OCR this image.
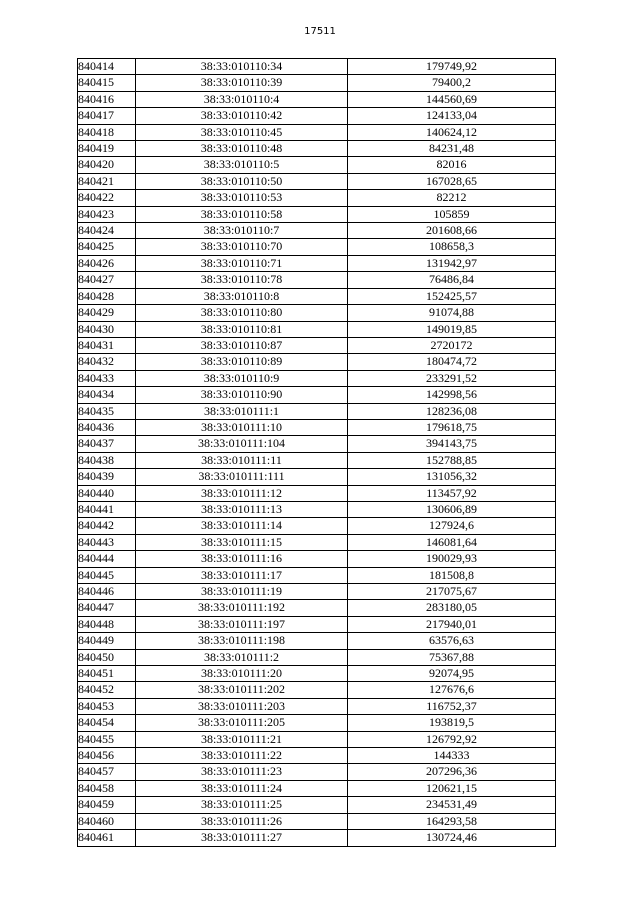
17511
840414	38:33:010110:34	179749,92
840415	38:33:010110:39	79400,2
840416	38:33:010110:4	144560,69
840417	38:33:010110:42	124133,04
840418	38:33:010110:45	140624,12
840419	38:33:010110:48	84231,48
840420	38:33:010110:5	82016
840421	38:33:010110:50	167028,65
840422	38:33:010110:53	82212
840423	38:33:010110:58	105859
840424	38:33:010110:7	201608,66
840425	38:33:010110:70	108658,3
840426	38:33:010110:71	131942,97
840427	38:33:010110:78	76486,84
840428	38:33:010110:8	152425,57
840429	38:33:010110:80	91074,88
840430	38:33:010110:81	149019,85
840431	38:33:010110:87	2720172
840432	38:33:010110:89	180474,72
840433	38:33:010110:9	233291,52
840434	38:33:010110:90	142998,56
840435	38:33:010111:1	128236,08
840436	38:33:010111:10	179618,75
840437	38:33:010111:104	394143,75
840438	38:33:010111:11	152788,85
840439	38:33:010111:111	131056,32
840440	38:33:010111:12	113457,92
840441	38:33:010111:13	130606,89
840442	38:33:010111:14	127924,6
840443	38:33:010111:15	146081,64
840444	38:33:010111:16	190029,93
840445	38:33:010111:17	181508,8
840446	38:33:010111:19	217075,67
840447	38:33:010111:192	283180,05
840448	38:33:010111:197	217940,01
840449	38:33:010111:198	63576,63
840450	38:33:010111:2	75367,88
840451	38:33:010111:20	92074,95
840452	38:33:010111:202	127676,6
840453	38:33:010111:203	116752,37
840454	38:33:010111:205	193819,5
840455	38:33:010111:21	126792,92
840456	38:33:010111:22	144333
840457	38:33:010111:23	207296,36
840458	38:33:010111:24	120621,15
840459	38:33:010111:25	234531,49
840460	38:33:010111:26	164293,58
840461	38:33:010111:27	130724,46
